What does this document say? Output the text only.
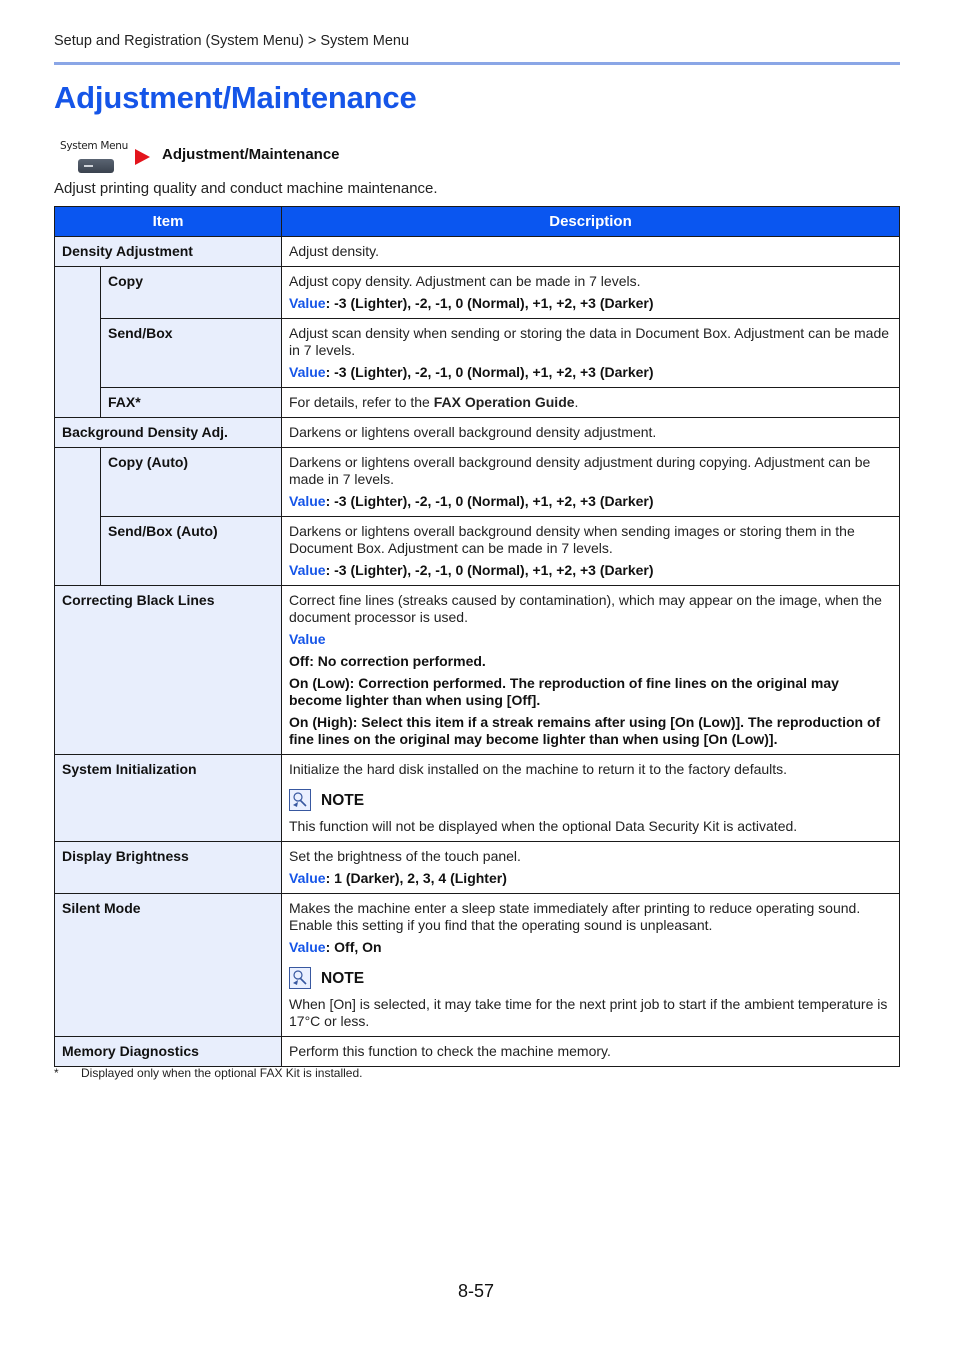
Setup and Registration (System Menu) > System Menu
Adjustment/Maintenance
System Menu Adjustment/Maintenance
Adjust printing quality and conduct machine maintenance.
Item		Description
Density Adjustment		Adjust density.
	Copy	Adjust copy density. Adjustment can be made in 7 levels.
Value: -3 (Lighter), -2, -1, 0 (Normal), +1, +2, +3 (Darker)

	Send/Box	Adjust scan density when sending or storing the data in Document Box. Adjustment can be made in 7 levels.
Value: -3 (Lighter), -2, -1, 0 (Normal), +1, +2, +3 (Darker)

	FAX*	For details, refer to the FAX Operation Guide.
Background Density Adj.		Darkens or lightens overall background density adjustment.
	Copy (Auto)	Darkens or lightens overall background density adjustment during copying. Adjustment can be made in 7 levels.
Value: -3 (Lighter), -2, -1, 0 (Normal), +1, +2, +3 (Darker)

	Send/Box (Auto)	Darkens or lightens overall background density when sending images or storing them in the Document Box. Adjustment can be made in 7 levels.
Value: -3 (Lighter), -2, -1, 0 (Normal), +1, +2, +3 (Darker)

Correcting Black Lines		Correct fine lines (streaks caused by contamination), which may appear on the image, when the document processor is used.
Value
Off: No correction performed.
On (Low): Correction performed. The reproduction of fine lines on the original may become lighter than when using [Off].
On (High): Select this item if a streak remains after using [On (Low)]. The reproduction of fine lines on the original may become lighter than when using [On (Low)].

System Initialization		Initialize the hard disk installed on the machine to return it to the factory defaults.
NOTE
This function will not be displayed when the optional Data Security Kit is activated.

Display Brightness		Set the brightness of the touch panel.
Value: 1 (Darker), 2, 3, 4 (Lighter)

Silent Mode		Makes the machine enter a sleep state immediately after printing to reduce operating sound. Enable this setting if you find that the operating sound is unpleasant.
Value: Off, On
NOTE
When [On] is selected, it may take time for the next print job to start if the ambient temperature is 17°C or less.

Memory Diagnostics		Perform this function to check the machine memory.
* Displayed only when the optional FAX Kit is installed.
8-57
